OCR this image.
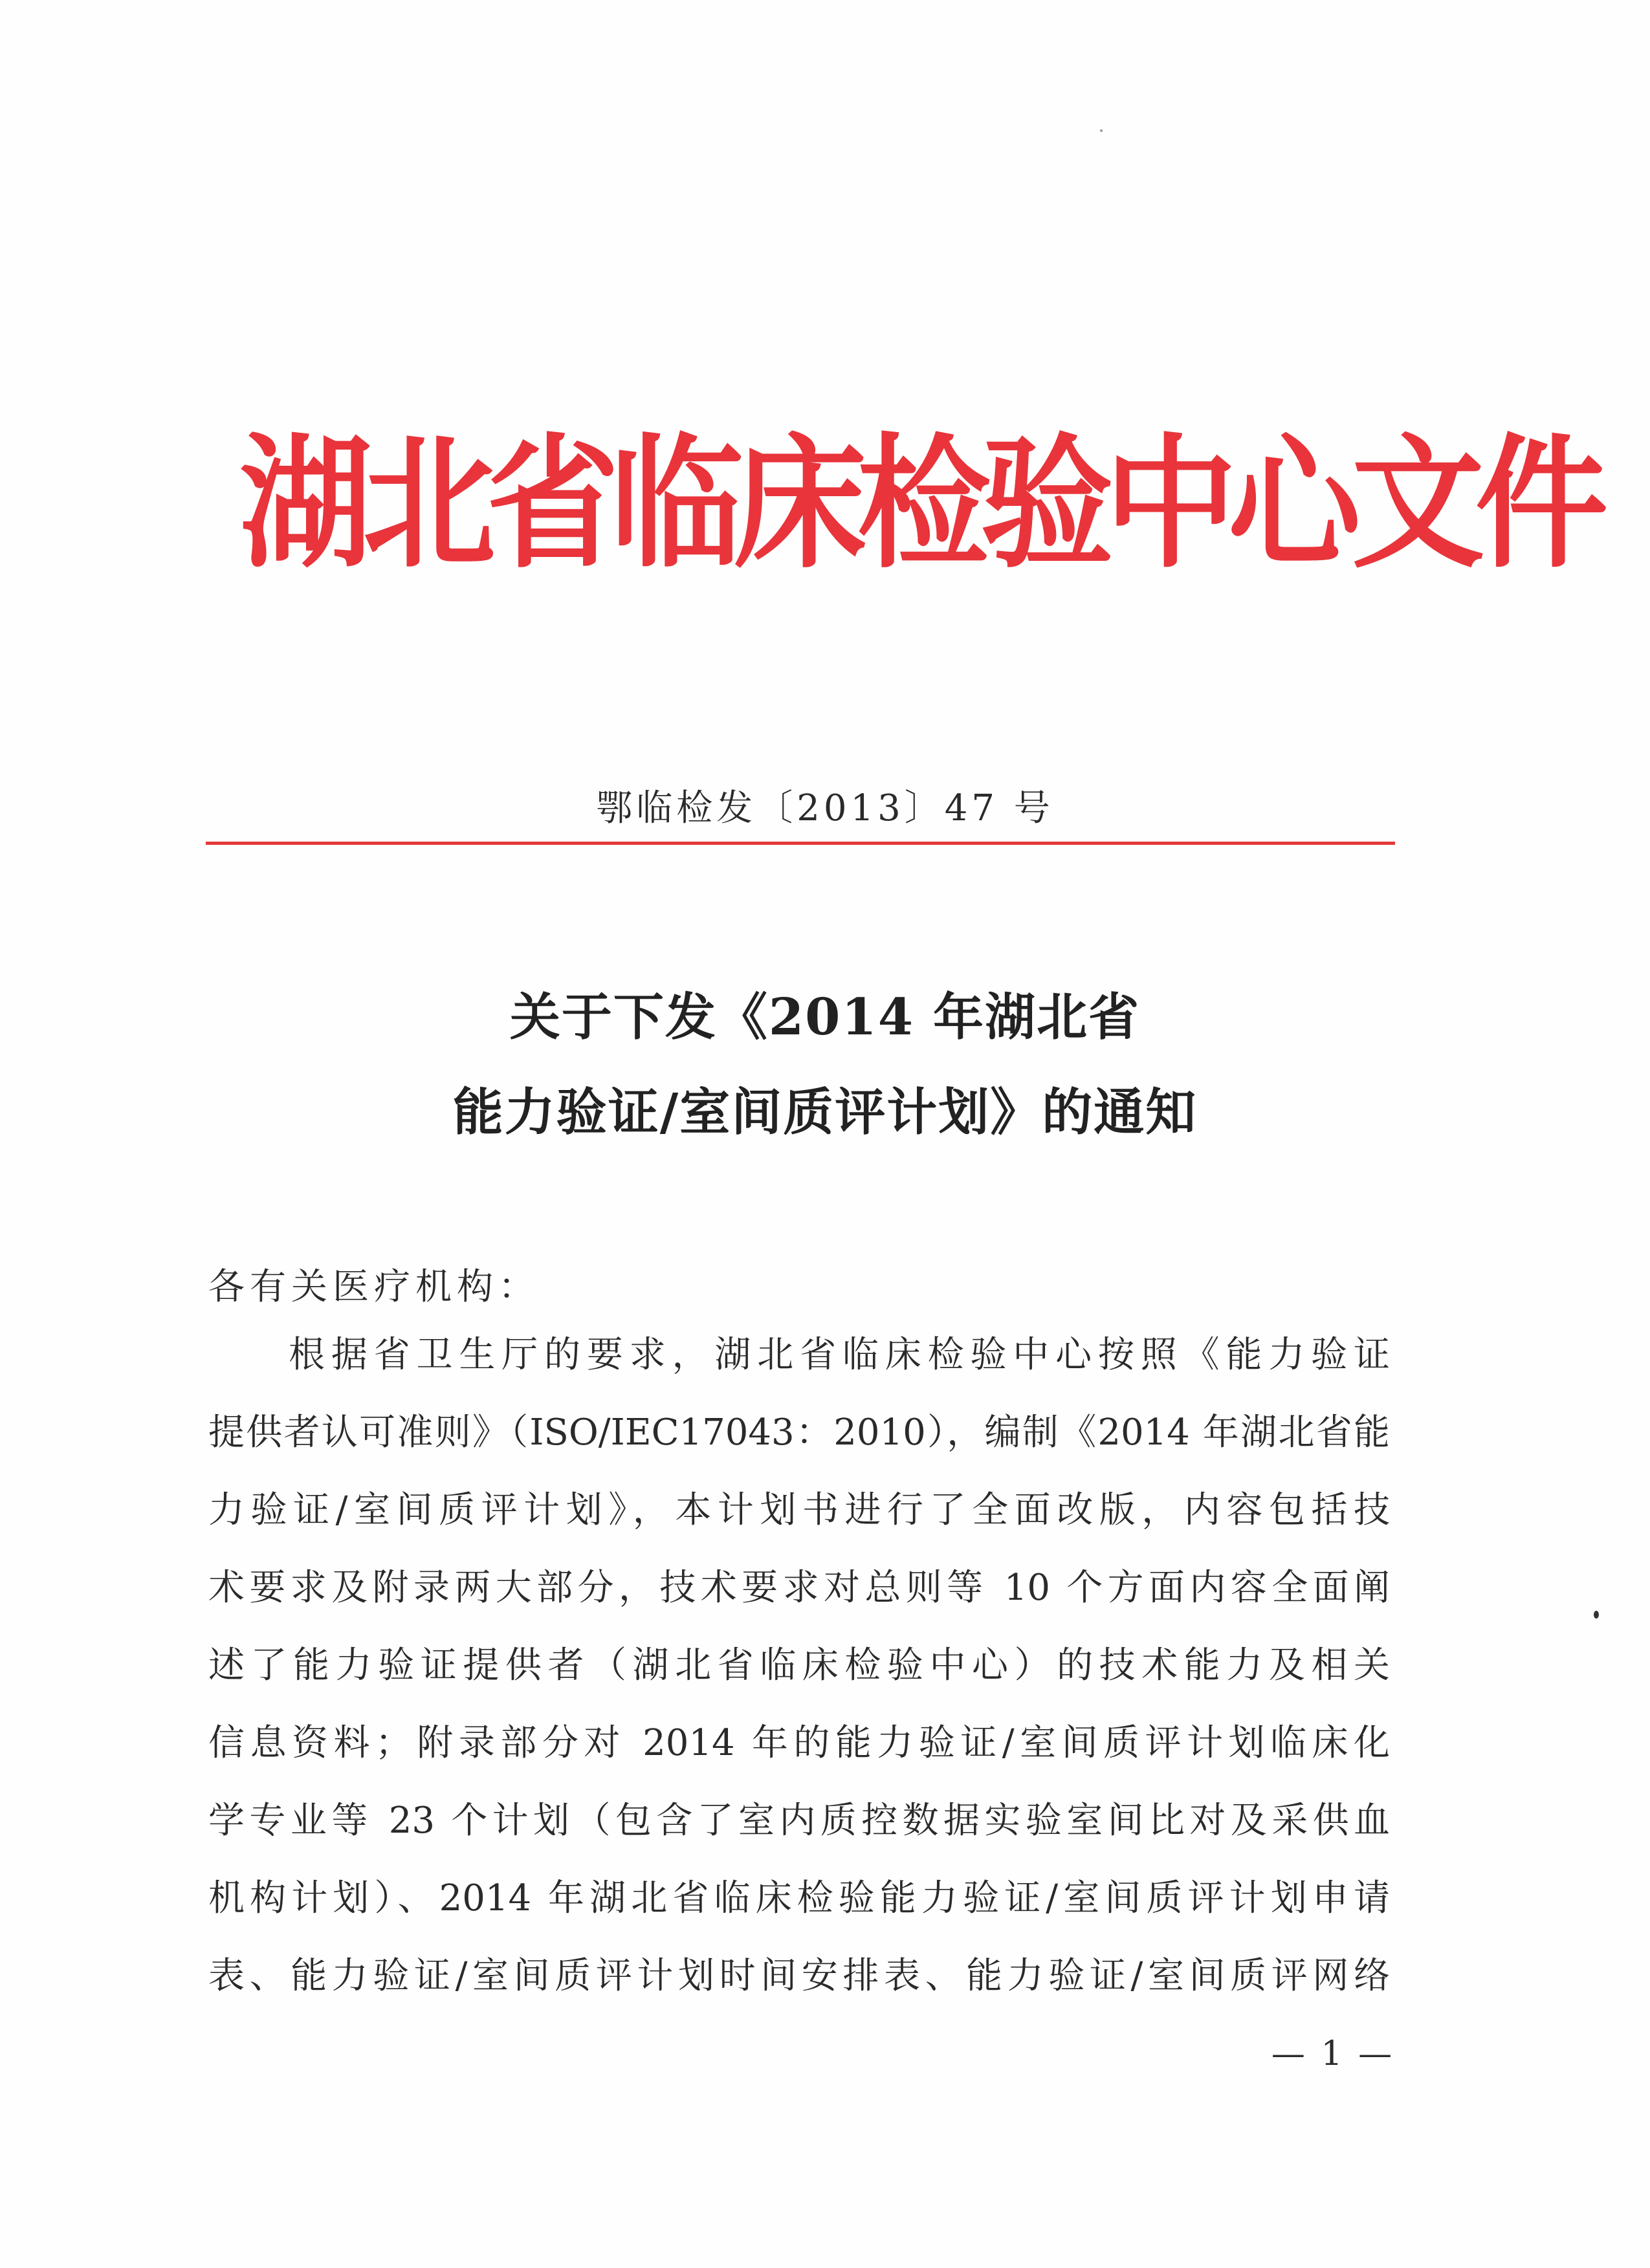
湖北省临床检验中心文件
鄂临检发〔2013〕47 号
关于下发《2014 年湖北省
能力验证/室间质评计划》的通知
各有关医疗机构：
根据省卫生厅的要求，湖北省临床检验中心按照《能力验证
提供者认可准则》（ISO/IEC17043：2010），编制《2014 年湖北省能
力验证/室间质评计划》，本计划书进行了全面改版，内容包括技
术要求及附录两大部分，技术要求对总则等 10 个方面内容全面阐
述了能力验证提供者（湖北省临床检验中心）的技术能力及相关
信息资料；附录部分对 2014 年的能力验证/室间质评计划临床化
学专业等 23 个计划（包含了室内质控数据实验室间比对及采供血
机构计划）、2014 年湖北省临床检验能力验证/室间质评计划申请
表、能力验证/室间质评计划时间安排表、能力验证/室间质评网络
— 1 —
